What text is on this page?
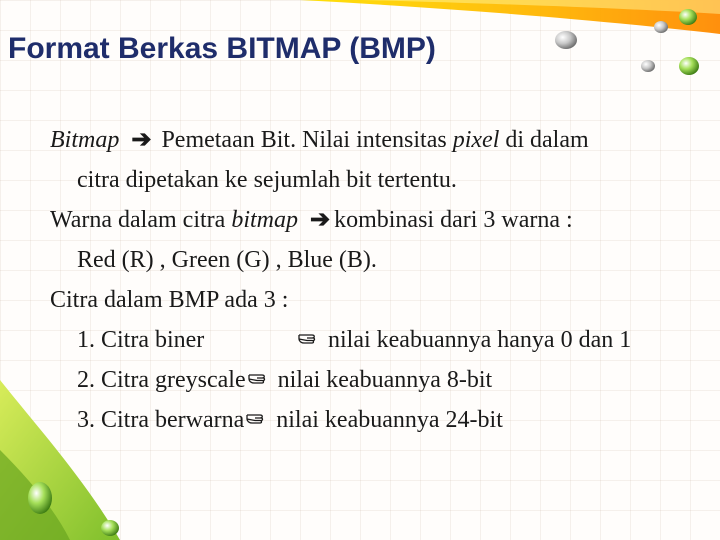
Format Berkas BITMAP (BMP)
Bitmap ➔ Pemetaan Bit. Nilai intensitas pixel di dalam
citra dipetakan ke sejumlah bit tertentu.
Warna dalam citra bitmap ➔ kombinasi dari 3 warna :
Red (R) , Green (G) , Blue (B).
Citra dalam BMP ada 3 :
1. Citra biner	nilai keabuannya hanya 0 dan 1
2. Citra greyscale nilai keabuannya 8-bit
3. Citra berwarna nilai keabuannya 24-bit
